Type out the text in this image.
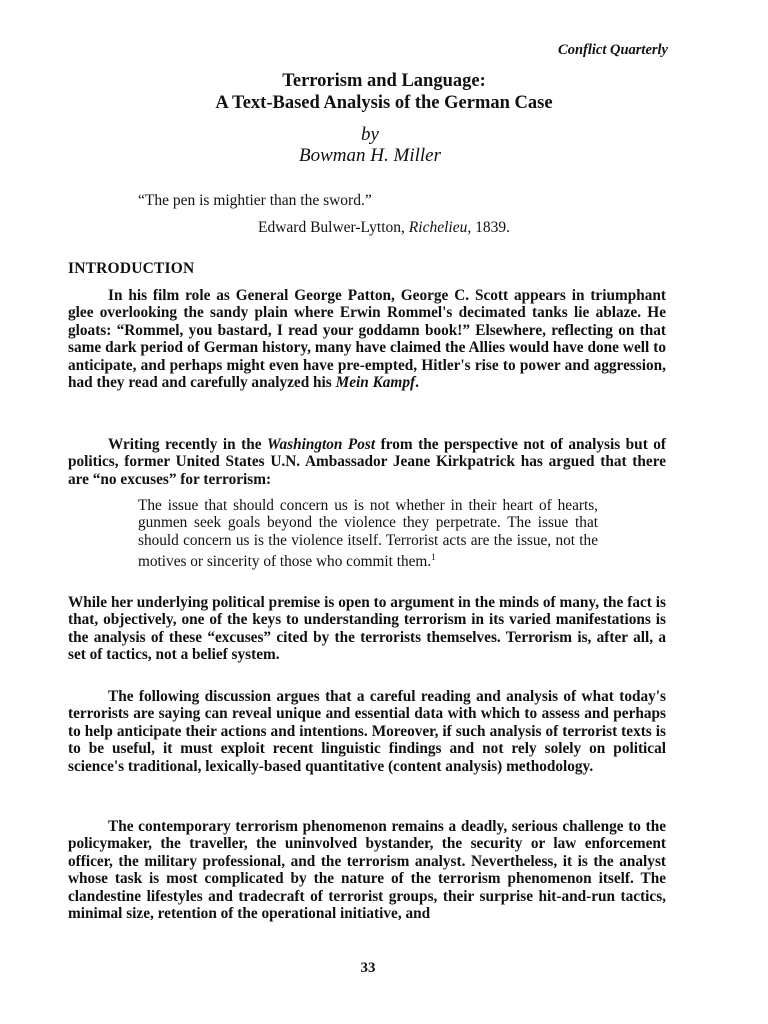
Conflict Quarterly
Terrorism and Language:
A Text-Based Analysis of the German Case
by
Bowman H. Miller
“The pen is mightier than the sword.”
Edward Bulwer-Lytton, Richelieu, 1839.
INTRODUCTION
In his film role as General George Patton, George C. Scott appears in triumphant glee overlooking the sandy plain where Erwin Rommel's decimated tanks lie ablaze. He gloats: “Rommel, you bastard, I read your goddamn book!” Elsewhere, reflecting on that same dark period of German history, many have claimed the Allies would have done well to anticipate, and perhaps might even have pre-empted, Hitler's rise to power and aggression, had they read and carefully analyzed his Mein Kampf.
Writing recently in the Washington Post from the perspective not of analysis but of politics, former United States U.N. Ambassador Jeane Kirkpatrick has argued that there are “no excuses” for terrorism:
The issue that should concern us is not whether in their heart of hearts, gunmen seek goals beyond the violence they perpetrate. The issue that should concern us is the violence itself. Terrorist acts are the issue, not the motives or sincerity of those who commit them.$^1$
While her underlying political premise is open to argument in the minds of many, the fact is that, objectively, one of the keys to understanding terrorism in its varied manifestations is the analysis of these “excuses” cited by the terrorists themselves. Terrorism is, after all, a set of tactics, not a belief system.
The following discussion argues that a careful reading and analysis of what today's terrorists are saying can reveal unique and essential data with which to assess and perhaps to help anticipate their actions and intentions. Moreover, if such analysis of terrorist texts is to be useful, it must exploit recent linguistic findings and not rely solely on political science's traditional, lexically-based quantitative (content analysis) methodology.
The contemporary terrorism phenomenon remains a deadly, serious challenge to the policymaker, the traveller, the uninvolved bystander, the security or law enforcement officer, the military professional, and the terrorism analyst. Nevertheless, it is the analyst whose task is most complicated by the nature of the terrorism phenomenon itself. The clandestine lifestyles and tradecraft of terrorist groups, their surprise hit-and-run tactics, minimal size, retention of the operational initiative, and
33
